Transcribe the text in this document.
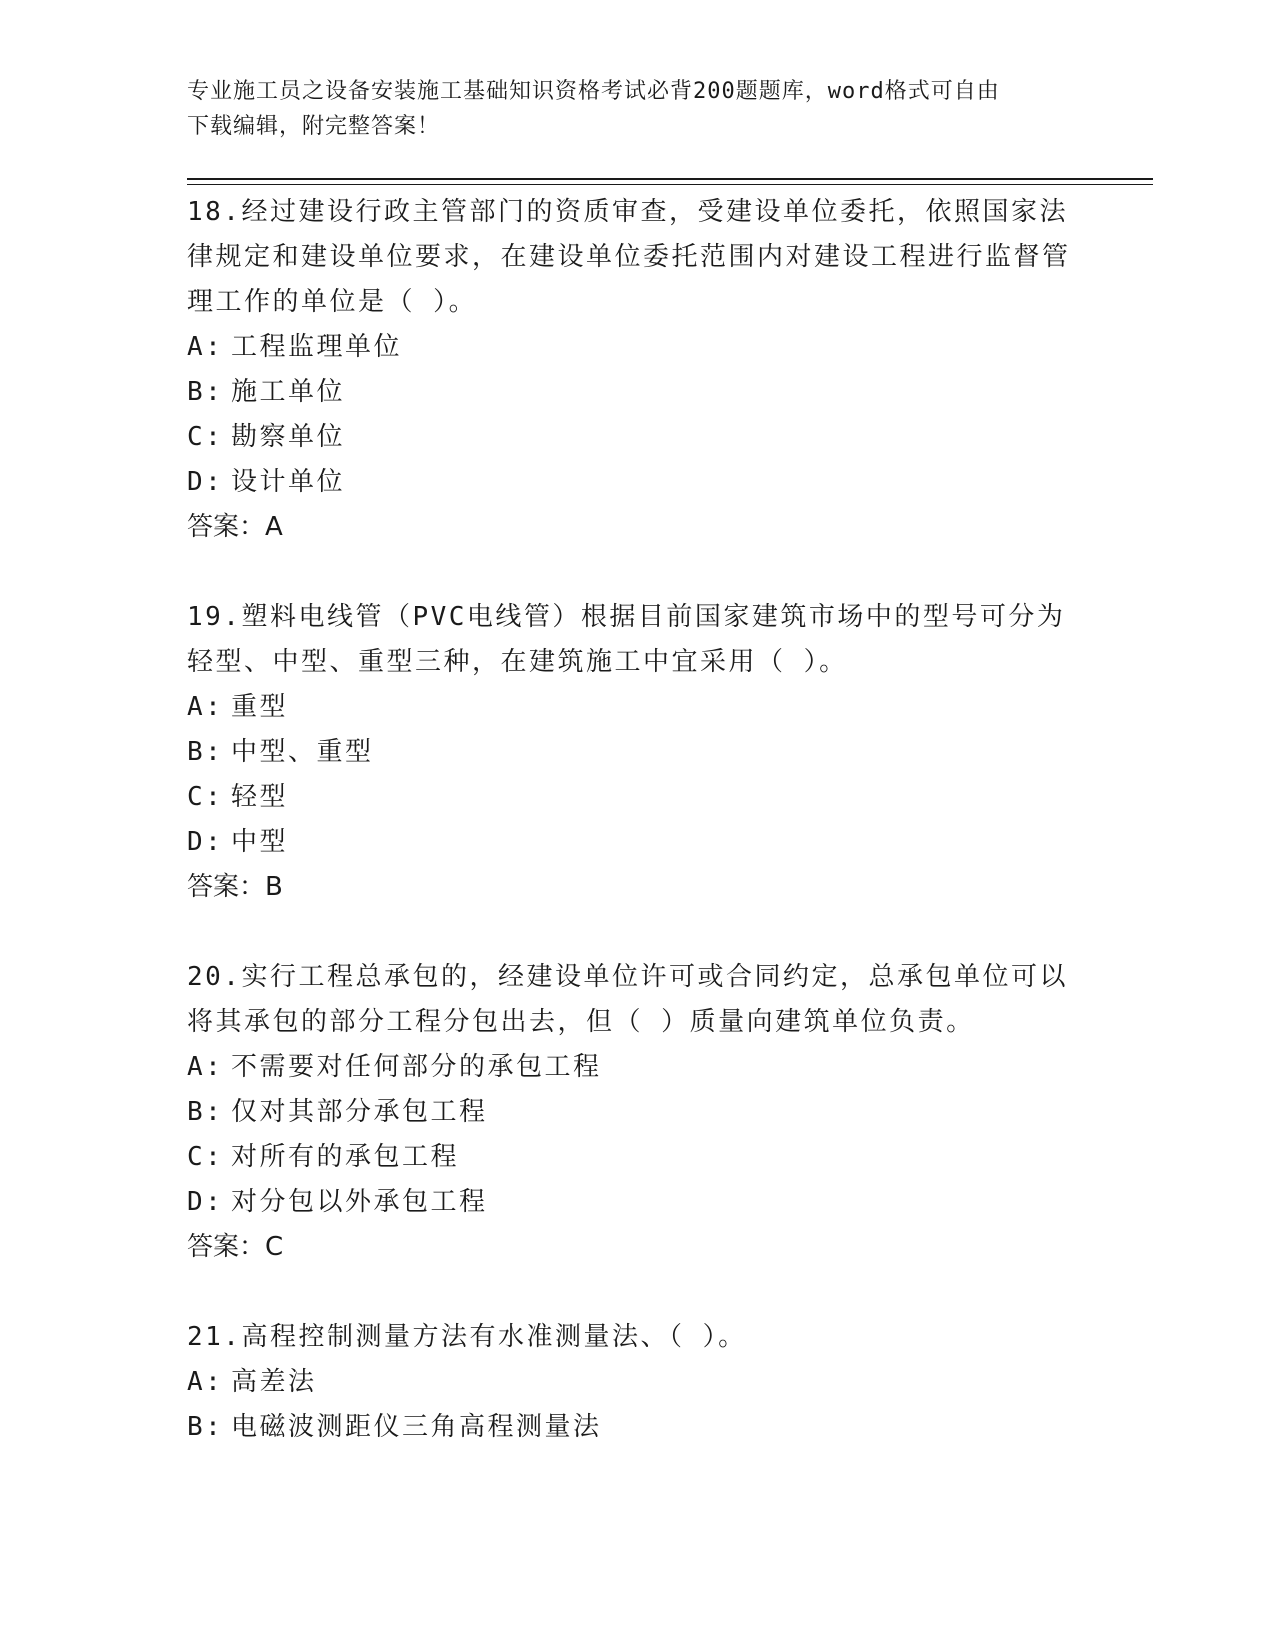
专业施工员之设备安装施工基础知识资格考试必背200题题库，word格式可自由
下载编辑，附完整答案！

18.经过建设行政主管部门的资质审查，受建设单位委托，依照国家法律规定和建设单位要求，在建设单位委托范围内对建设工程进行监督管理工作的单位是（ ）。

A: 工程监理单位

B: 施工单位

C: 勘察单位

D: 设计单位

答案：A

19.塑料电线管（PVC电线管）根据目前国家建筑市场中的型号可分为轻型、中型、重型三种，在建筑施工中宜采用（ ）。

A: 重型

B: 中型、重型

C: 轻型

D: 中型

答案：B

20.实行工程总承包的，经建设单位许可或合同约定，总承包单位可以将其承包的部分工程分包出去，但（ ）质量向建筑单位负责。

A: 不需要对任何部分的承包工程

B: 仅对其部分承包工程

C: 对所有的承包工程

D: 对分包以外承包工程

答案：C

21.高程控制测量方法有水准测量法、（ ）。

A: 高差法

B: 电磁波测距仪三角高程测量法
